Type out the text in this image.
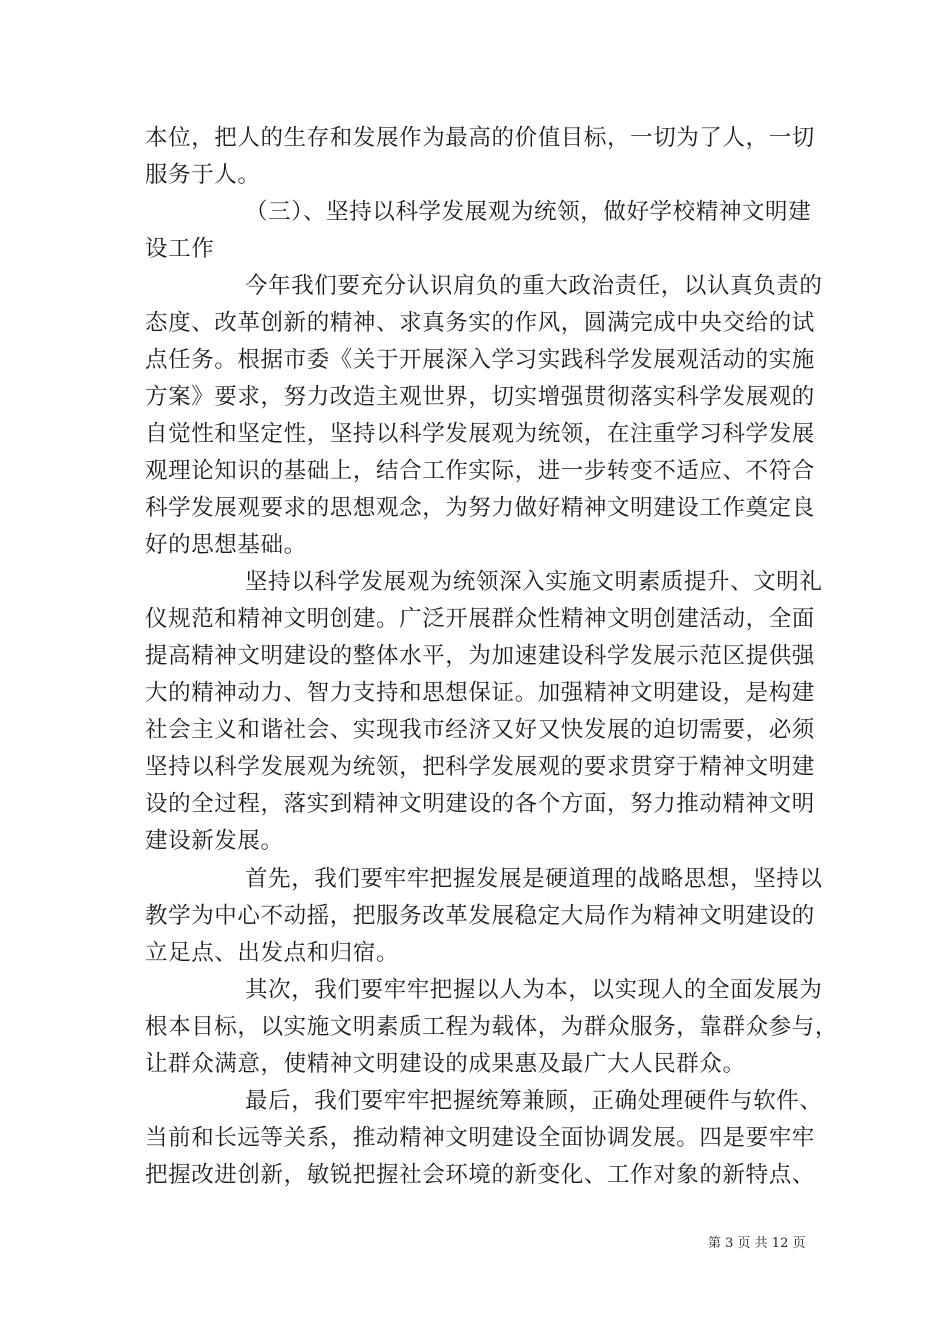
本位，把人的生存和发展作为最高的价值目标，一切为了人，一切
服务于人。
（三）、坚持以科学发展观为统领，做好学校精神文明建
设工作
今年我们要充分认识肩负的重大政治责任，以认真负责的
态度、改革创新的精神、求真务实的作风，圆满完成中央交给的试
点任务。根据市委《关于开展深入学习实践科学发展观活动的实施
方案》要求，努力改造主观世界，切实增强贯彻落实科学发展观的
自觉性和坚定性，坚持以科学发展观为统领，在注重学习科学发展
观理论知识的基础上，结合工作实际，进一步转变不适应、不符合
科学发展观要求的思想观念，为努力做好精神文明建设工作奠定良
好的思想基础。
坚持以科学发展观为统领深入实施文明素质提升、文明礼
仪规范和精神文明创建。广泛开展群众性精神文明创建活动，全面
提高精神文明建设的整体水平，为加速建设科学发展示范区提供强
大的精神动力、智力支持和思想保证。加强精神文明建设，是构建
社会主义和谐社会、实现我市经济又好又快发展的迫切需要，必须
坚持以科学发展观为统领，把科学发展观的要求贯穿于精神文明建
设的全过程，落实到精神文明建设的各个方面，努力推动精神文明
建设新发展。
首先，我们要牢牢把握发展是硬道理的战略思想，坚持以
教学为中心不动摇，把服务改革发展稳定大局作为精神文明建设的
立足点、出发点和归宿。
其次，我们要牢牢把握以人为本，以实现人的全面发展为
根本目标，以实施文明素质工程为载体，为群众服务，靠群众参与，
让群众满意，使精神文明建设的成果惠及最广大人民群众。
最后，我们要牢牢把握统筹兼顾，正确处理硬件与软件、
当前和长远等关系，推动精神文明建设全面协调发展。四是要牢牢
把握改进创新，敏锐把握社会环境的新变化、工作对象的新特点、
第 3 页 共 12 页
